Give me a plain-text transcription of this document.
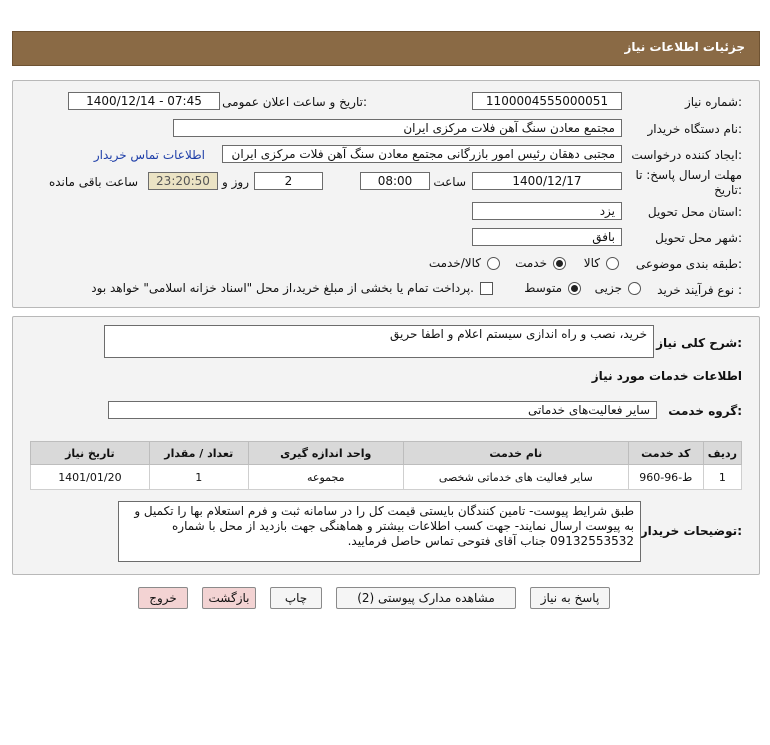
جزئیات اطلاعات نیاز
شماره نیاز:
1100004555000051
تاریخ و ساعت اعلان عمومی:
1400/12/14 - 07:45
نام دستگاه خریدار:
مجتمع معادن سنگ آهن فلات مرکزی ایران
ایجاد کننده درخواست:
مجتبی دهقان رئیس امور بازرگانی مجتمع معادن سنگ آهن فلات مرکزی ایران
اطلاعات تماس خریدار
مهلت ارسال پاسخ: تا
تاریخ:
1400/12/17
ساعت
08:00
2
روز و
23:20:50
ساعت باقی مانده
استان محل تحویل:
یزد
شهر محل تحویل:
بافق
طبقه بندی موضوعی:
کالا
خدمت
کالا/خدمت
نوع فرآیند خرید :
جزیی
متوسط
پرداخت تمام یا بخشی از مبلغ خرید،از محل "اسناد خزانه اسلامی" خواهد بود.
شرح کلی نیاز:
خرید، نصب و راه اندازی سیستم اعلام و اطفا حریق
اطلاعات خدمات مورد نیاز
گروه خدمت:
سایر فعالیت‌های خدماتی
ردیف	کد خدمت	نام خدمت	واحد اندازه گیری	تعداد / مقدار	تاریخ نیاز
1	ط-96-960	سایر فعالیت های خدماتی شخصی	مجموعه	1	1401/01/20
توضیحات خریدار:
طبق شرایط پیوست- تامین کنندگان بایستی قیمت کل را در سامانه ثبت و فرم استعلام بها را تکمیل و به پیوست ارسال نمایند- جهت کسب اطلاعات بیشتر و هماهنگی جهت بازدید از محل با شماره 09132553532 جناب آقای فتوحی تماس حاصل فرمایید.
پاسخ به نیاز
مشاهده مدارک پیوستی (2)
چاپ
بازگشت
خروج
